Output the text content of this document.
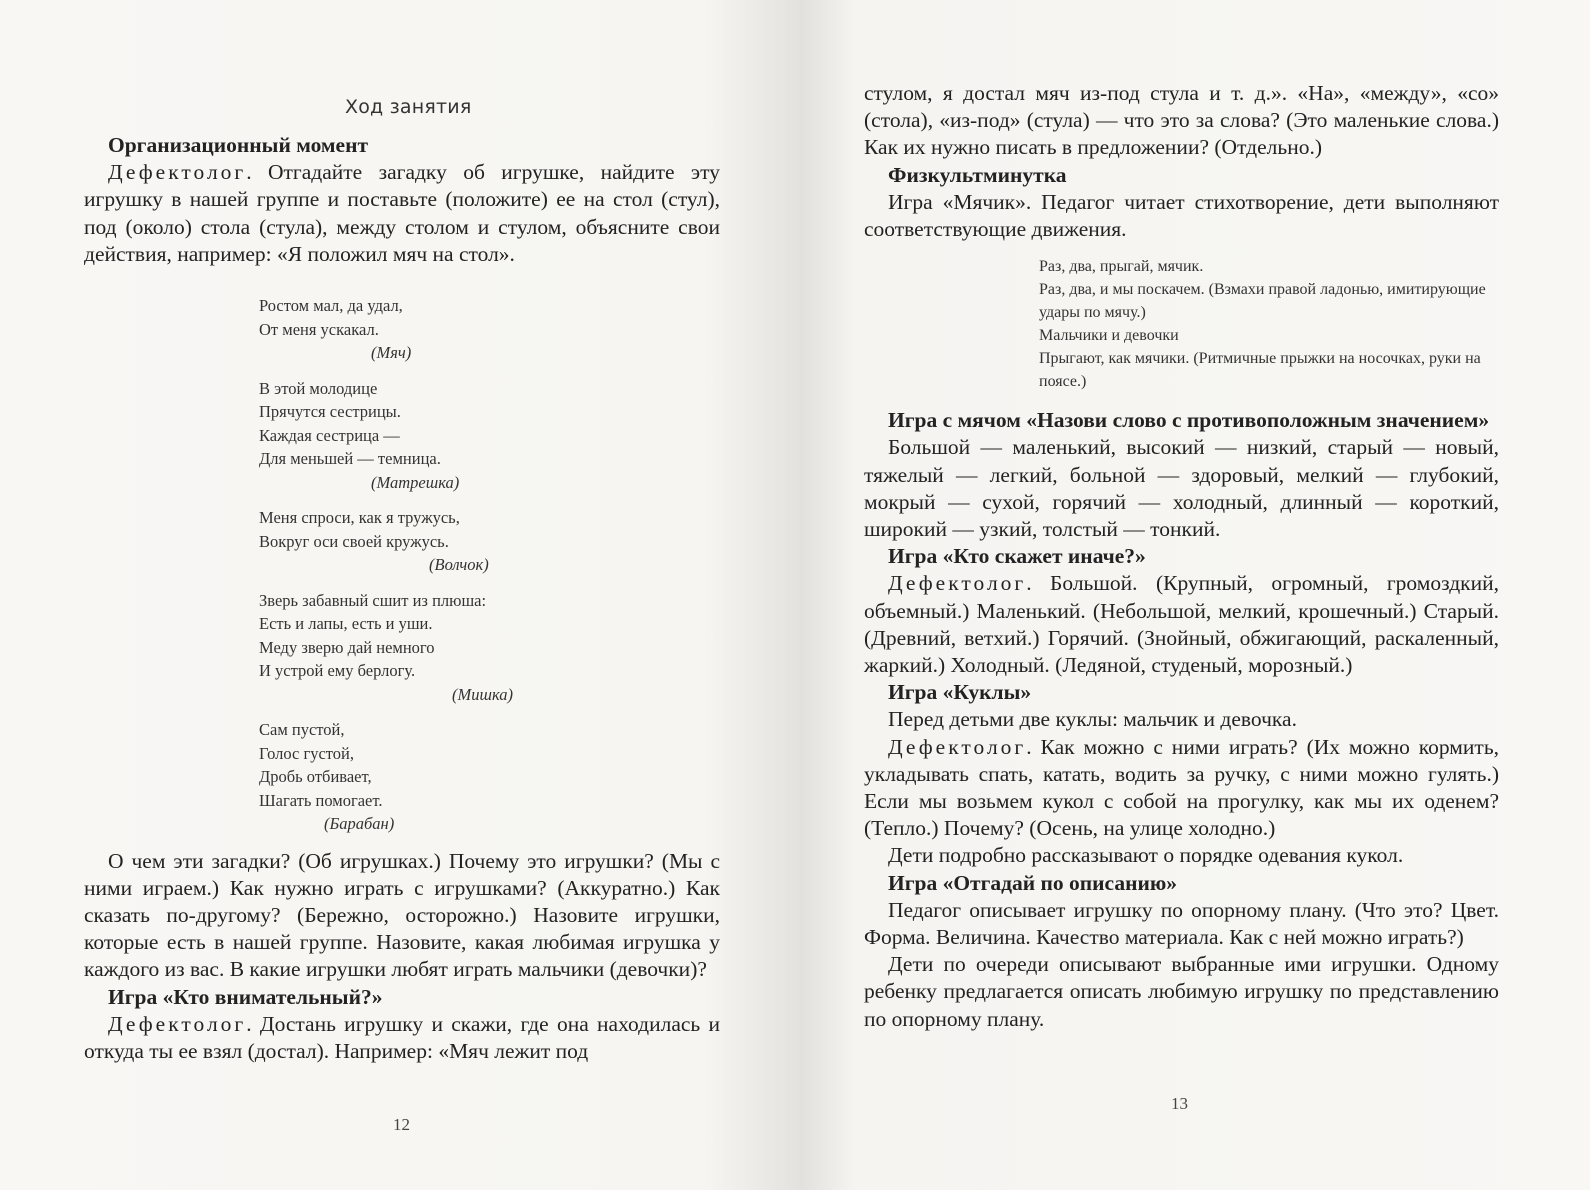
Ход занятия

Организационный момент

Дефектолог. Отгадайте загадку об игрушке, найдите эту игрушку в нашей группе и поставьте (положите) ее на стол (стул), под (около) стола (стула), между столом и стулом, объясните свои действия, например: «Я положил мяч на стол».

Ростом мал, да удал,
От меня ускакал.
(Мяч)
В этой молодице
Прячутся сестрицы.
Каждая сестрица —
Для меньшей — темница.
(Матрешка)
Меня спроси, как я тружусь,
Вокруг оси своей кружусь.
(Волчок)
Зверь забавный сшит из плюша:
Есть и лапы, есть и уши.
Меду зверю дай немного
И устрой ему берлогу.
(Мишка)
Сам пустой,
Голос густой,
Дробь отбивает,
Шагать помогает.
(Барабан)

О чем эти загадки? (Об игрушках.) Почему это игрушки? (Мы с ними играем.) Как нужно играть с игрушками? (Аккуратно.) Как сказать по-другому? (Бережно, осторожно.) Назовите игрушки, которые есть в нашей группе. Назовите, какая любимая игрушка у каждого из вас. В какие игрушки любят играть мальчики (девочки)?

Игра «Кто внимательный?»

Дефектолог. Достань игрушку и скажи, где она находилась и откуда ты ее взял (достал). Например: «Мяч лежит под

12

стулом, я достал мяч из-под стула и т. д.». «На», «между», «со» (стола), «из-под» (стула) — что это за слова? (Это маленькие слова.) Как их нужно писать в предложении? (Отдельно.)

Физкультминутка

Игра «Мячик». Педагог читает стихотворение, дети выполняют соответствующие движения.

Раз, два, прыгай, мячик.
Раз, два, и мы поскачем. (Взмахи правой ладонью, имитирующие удары по мячу.)
Мальчики и девочки
Прыгают, как мячики. (Ритмичные прыжки на носочках, руки на поясе.)

Игра с мячом «Назови слово с противоположным значением»

Большой — маленький, высокий — низкий, старый — новый, тяжелый — легкий, больной — здоровый, мелкий — глубокий, мокрый — сухой, горячий — холодный, длинный — короткий, широкий — узкий, толстый — тонкий.

Игра «Кто скажет иначе?»

Дефектолог. Большой. (Крупный, огромный, громоздкий, объемный.) Маленький. (Небольшой, мелкий, крошечный.) Старый. (Древний, ветхий.) Горячий. (Знойный, обжигающий, раскаленный, жаркий.) Холодный. (Ледяной, студеный, морозный.)

Игра «Куклы»

Перед детьми две куклы: мальчик и девочка.

Дефектолог. Как можно с ними играть? (Их можно кормить, укладывать спать, катать, водить за ручку, с ними можно гулять.) Если мы возьмем кукол с собой на прогулку, как мы их оденем? (Тепло.) Почему? (Осень, на улице холодно.)

Дети подробно рассказывают о порядке одевания кукол.

Игра «Отгадай по описанию»

Педагог описывает игрушку по опорному плану. (Что это? Цвет. Форма. Величина. Качество материала. Как с ней можно играть?)

Дети по очереди описывают выбранные ими игрушки. Одному ребенку предлагается описать любимую игрушку по представлению по опорному плану.

13
